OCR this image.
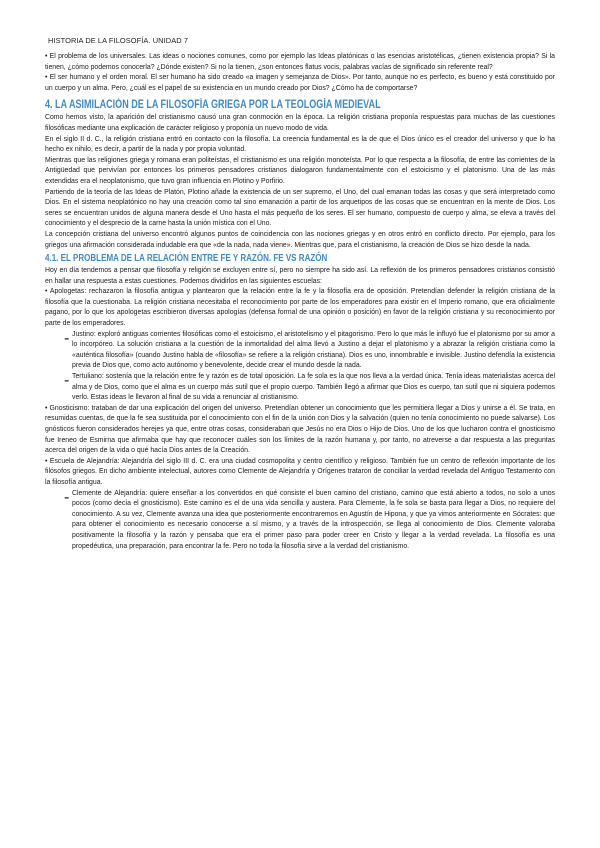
HISTORIA DE LA FILOSOFÍA. UNIDAD 7

• El problema de los universales. Las ideas o nociones comunes, como por ejemplo las Ideas platónicas o las esencias aristotélicas, ¿tienen existencia propia? Si la tienen, ¿cómo podemos conocerla? ¿Dónde existen? Si no la tienen, ¿son entonces flatus vocis, palabras vacías de significado sin referente real?

• El ser humano y el orden moral. El ser humano ha sido creado «a imagen y semejanza de Dios». Por tanto, aunque no es perfecto, es bueno y está constituido por un cuerpo y un alma. Pero, ¿cuál es el papel de su existencia en un mundo creado por Dios? ¿Cómo ha de comportarse?

4. LA ASIMILACIÓN DE LA FILOSOFÍA GRIEGA POR LA TEOLOGÍA MEDIEVAL

Como hemos visto, la aparición del cristianismo causó una gran conmoción en la época. La religión cristiana proponía respuestas para muchas de las cuestiones filosóficas mediante una explicación de carácter religioso y proponía un nuevo modo de vida.

En el siglo II d. C., la religión cristiana entró en contacto con la filosofía. La creencia fundamental es la de que el Dios único es el creador del universo y que lo ha hecho ex nihilo, es decir, a partir de la nada y por propia voluntad.

Mientras que las religiones griega y romana eran politeístas, el cristianismo es una religión monoteísta. Por lo que respecta a la filosofía, de entre las corrientes de la Antigüedad que pervivían por entonces los primeros pensadores cristianos dialogaron fundamentalmente con el estoicismo y el platonismo. Una de las más extendidas era el neoplatonismo, que tuvo gran influencia en Plotino y Porfirio.

Partiendo de la teoría de las Ideas de Platón, Plotino añade la existencia de un ser supremo, el Uno, del cual emanan todas las cosas y que será interpretado como Dios. En el sistema neoplatónico no hay una creación como tal sino emanación a partir de los arquetipos de las cosas que se encuentran en la mente de Dios. Los seres se encuentran unidos de alguna manera desde el Uno hasta el más pequeño de los seres. El ser humano, compuesto de cuerpo y alma, se eleva a través del conocimiento y el desprecio de la carne hasta la unión mística con el Uno.

La concepción cristiana del universo encontró algunos puntos de coincidencia con las nociones griegas y en otros entró en conflicto directo. Por ejemplo, para los griegos una afirmación considerada indudable era que «de la nada, nada viene». Mientras que, para el cristianismo, la creación de Dios se hizo desde la nada.

4.1. EL PROBLEMA DE LA RELACIÓN ENTRE FE Y RAZÓN. FE VS RAZÓN

Hoy en día tendemos a pensar que filosofía y religión se excluyen entre sí, pero no siempre ha sido así. La reflexión de los primeros pensadores cristianos consistió en hallar una respuesta a estas cuestiones. Podemos dividirlos en las siguientes escuelas:

• Apologetas: rechazaron la filosofía antigua y plantearon que la relación entre la fe y la filosofía era de oposición. Pretendían defender la religión cristiana de la filosofía que la cuestionaba. La religión cristiana necesitaba el reconocimiento por parte de los emperadores para existir en el Imperio romano, que era oficialmente pagano, por lo que los apologetas escribieron diversas apologías (defensa formal de una opinión o posición) en favor de la religión cristiana y su reconocimiento por parte de los emperadores.

- Justino: exploró antiguas corrientes filosóficas como el estoicismo, el aristotelismo y el pitagorismo. Pero lo que más le influyó fue el platonismo por su amor a lo incorpóreo. La solución cristiana a la cuestión de la inmortalidad del alma llevó a Justino a dejar el platonismo y a abrazar la religión cristiana como la «auténtica filosofía» (cuando Justino habla de «filosofía» se refiere a la religión cristiana). Dios es uno, innombrable e invisible. Justino defendía la existencia previa de Dios que, como acto autónomo y benevolente, decide crear el mundo desde la nada.

- Tertuliano: sostenía que la relación entre fe y razón es de total oposición. La fe sola es la que nos lleva a la verdad única. Tenía ideas materialistas acerca del alma y de Dios, como que el alma es un cuerpo más sutil que el propio cuerpo. También llegó a afirmar que Dios es cuerpo, tan sutil que ni siquiera podemos verlo. Estas ideas le llevaron al final de su vida a renunciar al cristianismo.

• Gnosticismo: trataban de dar una explicación del origen del universo. Pretendían obtener un conocimiento que les permitiera llegar a Dios y unirse a él. Se trata, en resumidas cuentas, de que la fe sea sustituida por el conocimiento con el fin de la unión con Dios y la salvación (quien no tenía conocimiento no puede salvarse). Los gnósticos fueron considerados herejes ya que, entre otras cosas, consideraban que Jesús no era Dios o Hijo de Dios. Uno de los que lucharon contra el gnosticismo fue Ireneo de Esmirna que afirmaba que hay que reconocer cuáles son los límites de la razón humana y, por tanto, no atreverse a dar respuesta a las preguntas acerca del origen de la vida o qué hacía Dios antes de la Creación.

• Escuela de Alejandría: Alejandría del siglo III d. C. era una ciudad cosmopolita y centro científico y religioso. También fue un centro de reflexión importante de los filósofos griegos. En dicho ambiente intelectual, autores como Clemente de Alejandría y Orígenes trataron de conciliar la verdad revelada del Antiguo Testamento con la filosofía antigua.

- Clemente de Alejandría: quiere enseñar a los convertidos en qué consiste el buen camino del cristiano, camino que está abierto a todos, no solo a unos pocos (como decía el gnosticismo). Este camino es el de una vida sencilla y austera. Para Clemente, la fe sola se basta para llegar a Dios, no requiere del conocimiento. A su vez, Clemente avanza una idea que posteriormente encontraremos en Agustín de Hipona, y que ya vimos anteriormente en Sócrates: que para obtener el conocimiento es necesario conocerse a sí mismo, y a través de la introspección, se llega al conocimiento de Dios. Clemente valoraba positivamente la filosofía y la razón y pensaba que era el primer paso para poder creer en Cristo y llegar a la verdad revelada. La filosofía es una propedéutica, una preparación, para encontrar la fe. Pero no toda la filosofía sirve a la verdad del cristianismo.
